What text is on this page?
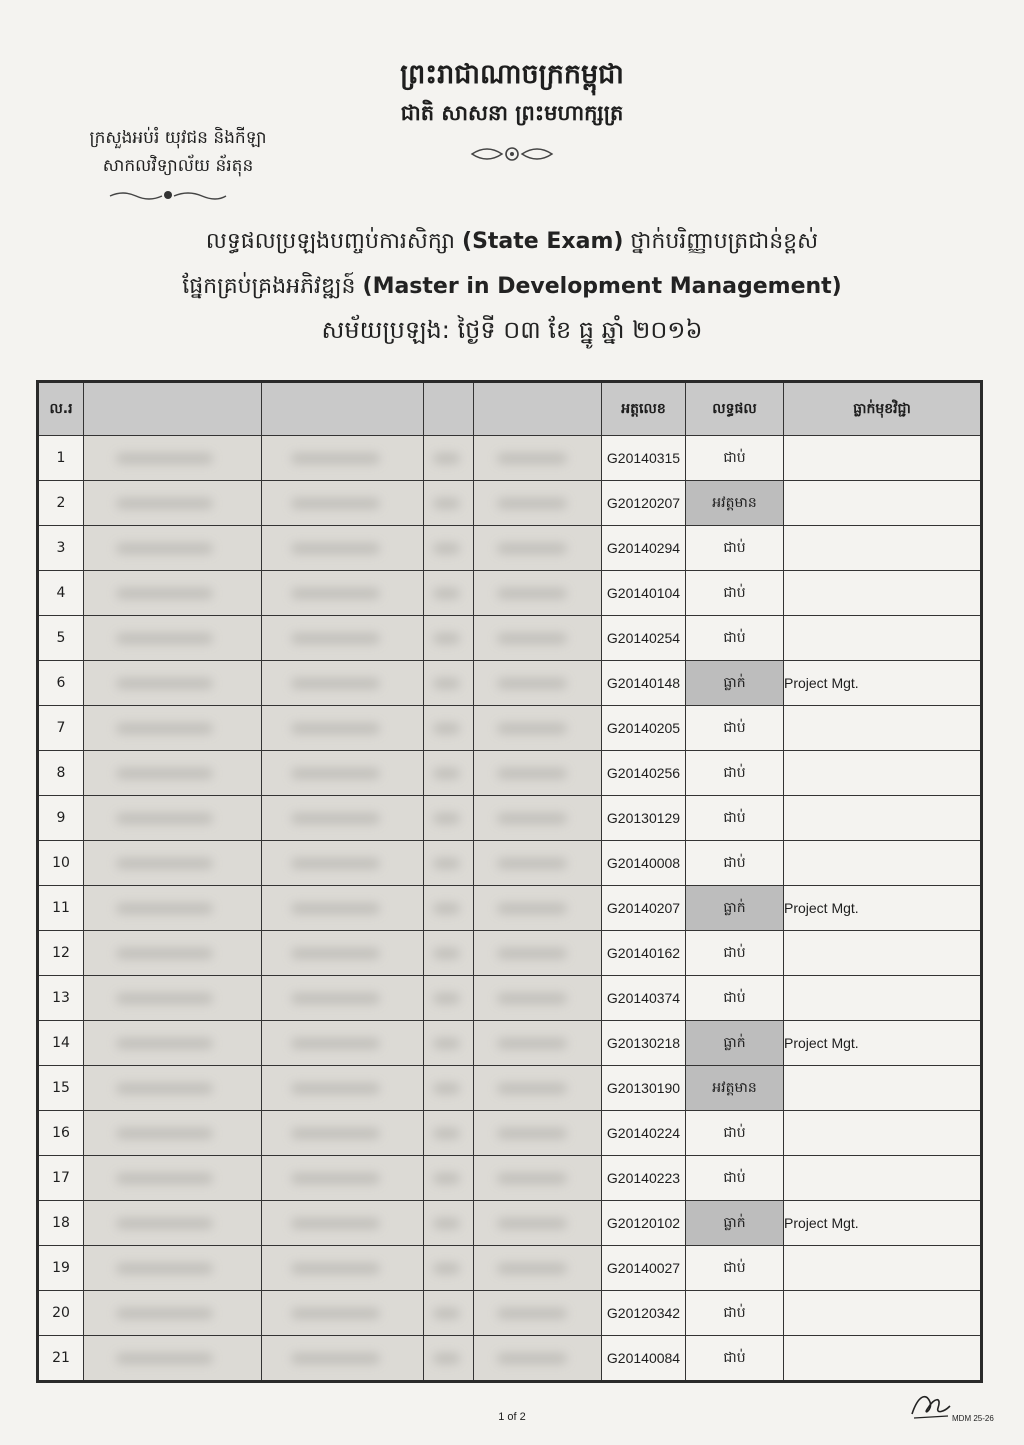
ព្រះរាជាណាចក្រកម្ពុជា
ជាតិ សាសនា ព្រះមហាក្សត្រ
ក្រសួងអប់រំ យុវជន និងកីឡា
សាកលវិទ្យាល័យ ន័រតុន
លទ្ធផលប្រឡងបញ្ចប់ការសិក្សា (State Exam) ថ្នាក់បរិញ្ញាបត្រជាន់ខ្ពស់
ផ្នែកគ្រប់គ្រងអភិវឌ្ឍន៍ (Master in Development Management)
សម័យប្រឡង: ថ្ងៃទី ០៣ ខែ ធ្នូ ឆ្នាំ ២០១៦
ល.រ					អត្តលេខ	លទ្ធផល	ធ្លាក់មុខវិជ្ជា
1					G20140315	ជាប់	
2					G20120207	អវត្តមាន	
3					G20140294	ជាប់	
4					G20140104	ជាប់	
5					G20140254	ជាប់	
6					G20140148	ធ្លាក់	Project Mgt.
7					G20140205	ជាប់	
8					G20140256	ជាប់	
9					G20130129	ជាប់	
10					G20140008	ជាប់	
11					G20140207	ធ្លាក់	Project Mgt.
12					G20140162	ជាប់	
13					G20140374	ជាប់	
14					G20130218	ធ្លាក់	Project Mgt.
15					G20130190	អវត្តមាន	
16					G20140224	ជាប់	
17					G20140223	ជាប់	
18					G20120102	ធ្លាក់	Project Mgt.
19					G20140027	ជាប់	
20					G20120342	ជាប់	
21					G20140084	ជាប់	
1 of 2	MDM 25-26
